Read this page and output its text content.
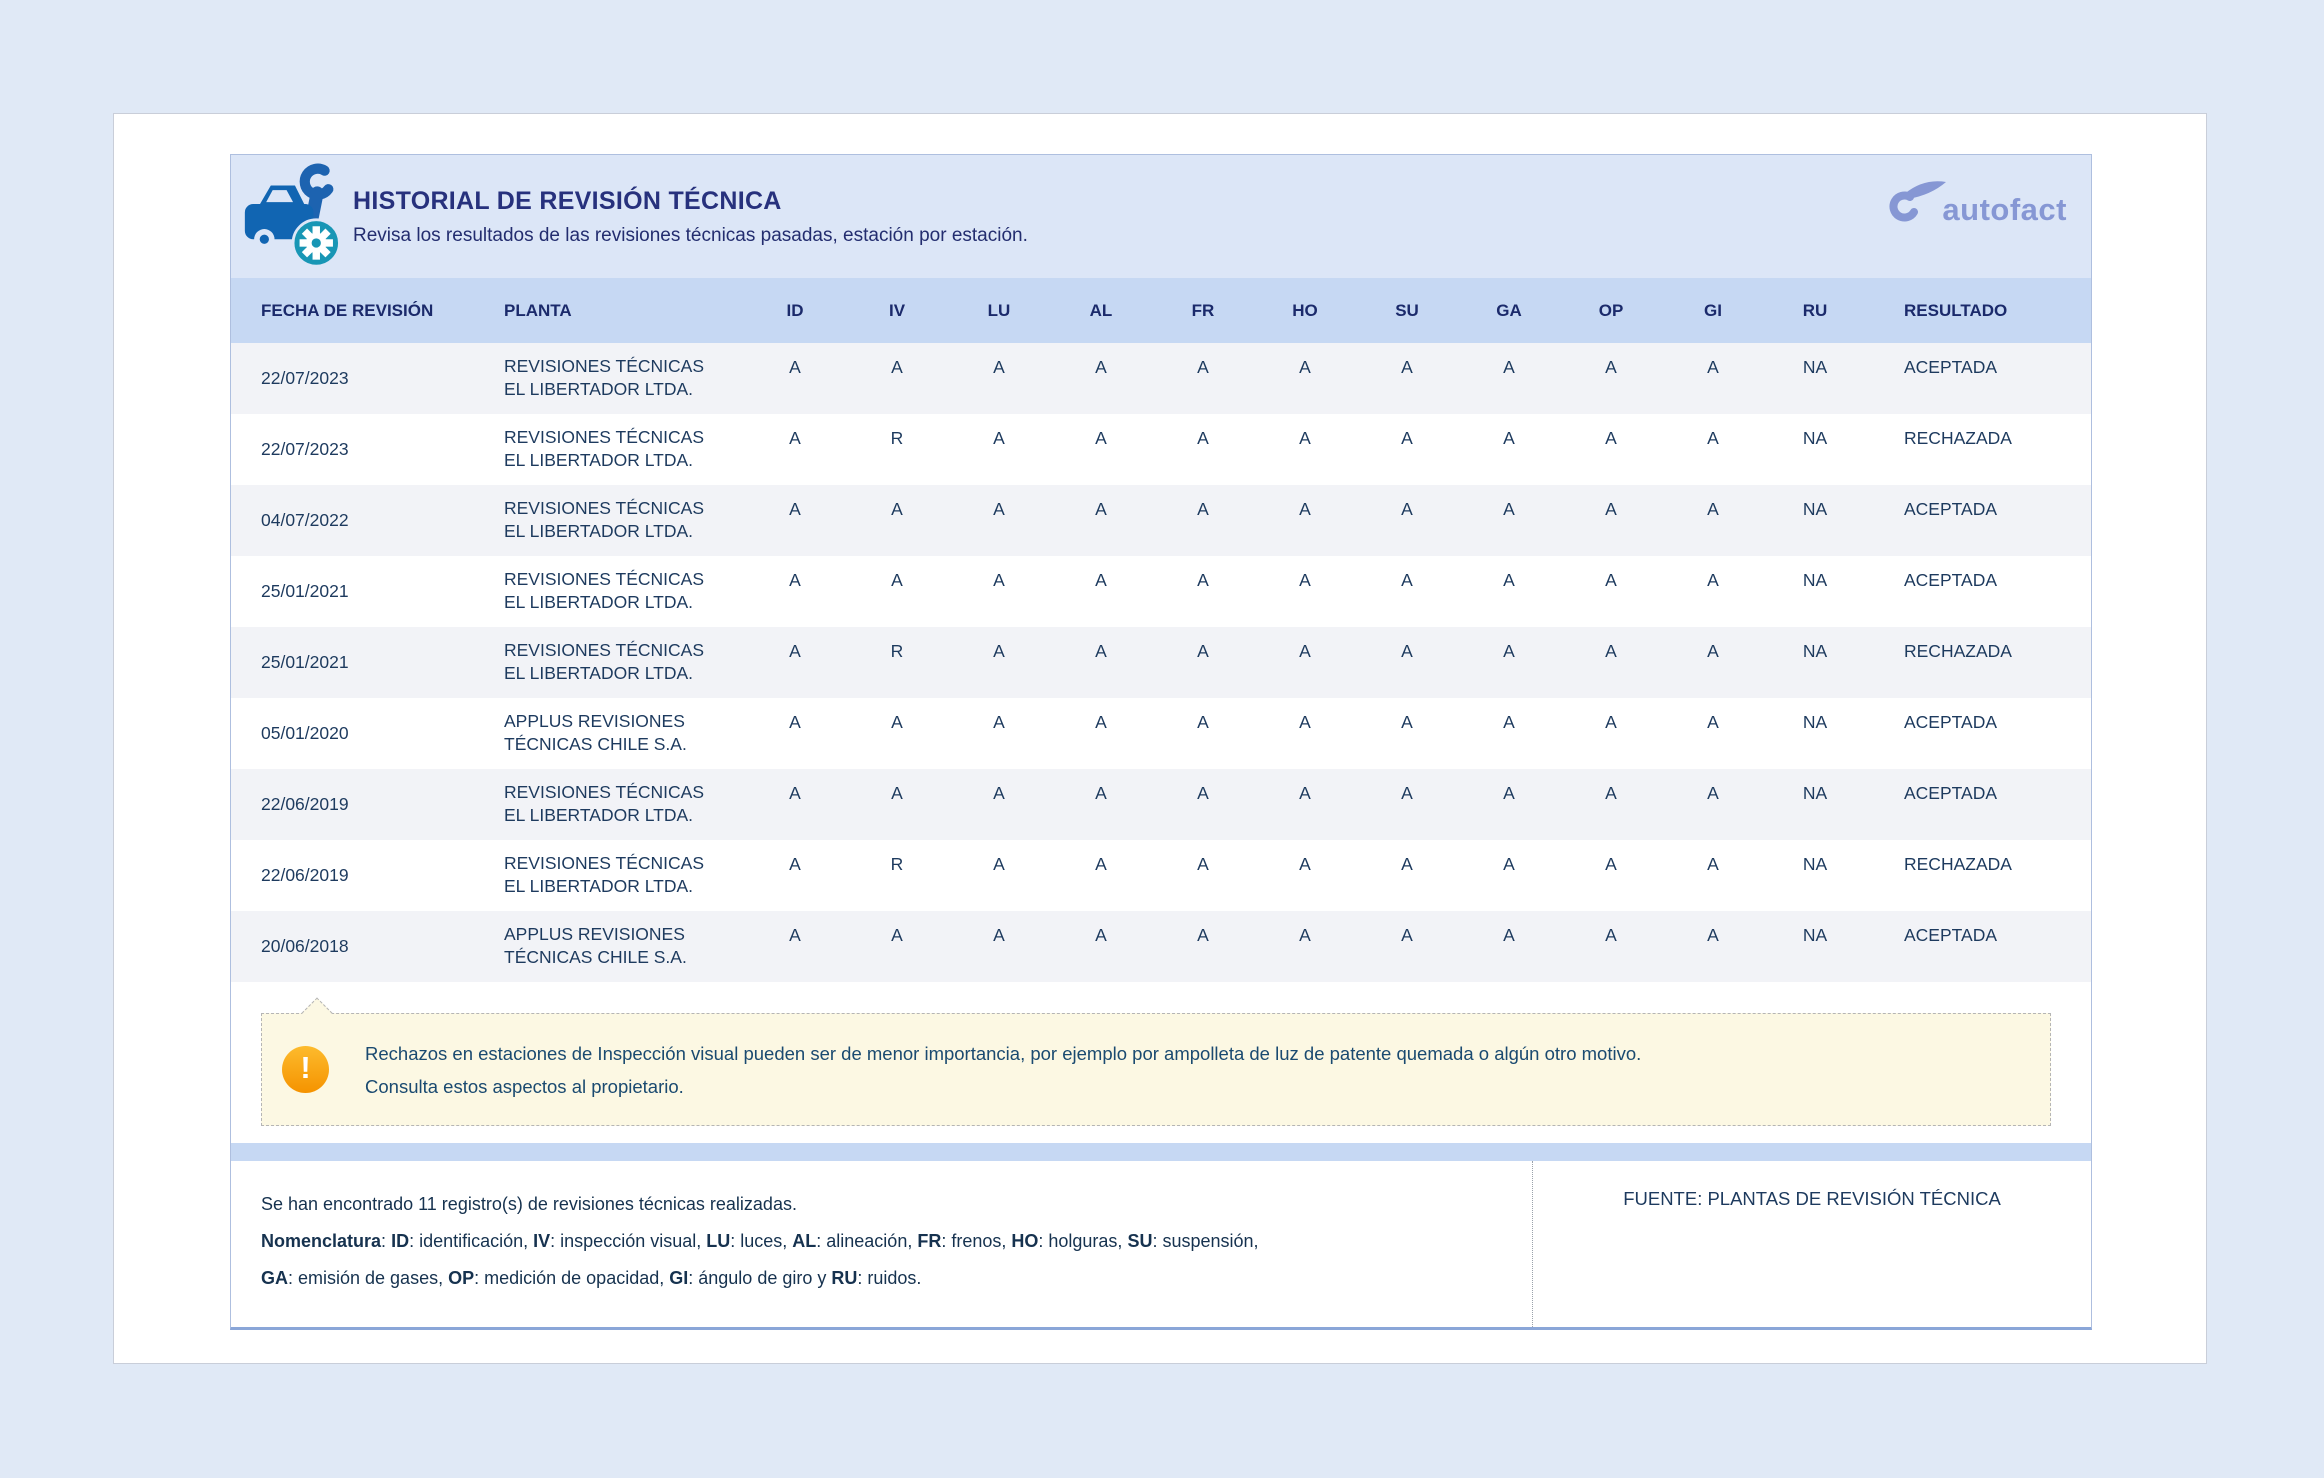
HISTORIAL DE REVISIÓN TÉCNICA

Revisa los resultados de las revisiones técnicas pasadas, estación por estación.

autofact
FECHA DE REVISIÓN	PLANTA	ID	IV	LU	AL	FR	HO	SU	GA	OP	GI	RU	RESULTADO
22/07/2023	REVISIONES TÉCNICAS
EL LIBERTADOR LTDA.	A	A	A	A	A	A	A	A	A	A	NA	ACEPTADA
22/07/2023	REVISIONES TÉCNICAS
EL LIBERTADOR LTDA.	A	R	A	A	A	A	A	A	A	A	NA	RECHAZADA
04/07/2022	REVISIONES TÉCNICAS
EL LIBERTADOR LTDA.	A	A	A	A	A	A	A	A	A	A	NA	ACEPTADA
25/01/2021	REVISIONES TÉCNICAS
EL LIBERTADOR LTDA.	A	A	A	A	A	A	A	A	A	A	NA	ACEPTADA
25/01/2021	REVISIONES TÉCNICAS
EL LIBERTADOR LTDA.	A	R	A	A	A	A	A	A	A	A	NA	RECHAZADA
05/01/2020	APPLUS REVISIONES
TÉCNICAS CHILE S.A.	A	A	A	A	A	A	A	A	A	A	NA	ACEPTADA
22/06/2019	REVISIONES TÉCNICAS
EL LIBERTADOR LTDA.	A	A	A	A	A	A	A	A	A	A	NA	ACEPTADA
22/06/2019	REVISIONES TÉCNICAS
EL LIBERTADOR LTDA.	A	R	A	A	A	A	A	A	A	A	NA	RECHAZADA
20/06/2018	APPLUS REVISIONES
TÉCNICAS CHILE S.A.	A	A	A	A	A	A	A	A	A	A	NA	ACEPTADA
!	Rechazos en estaciones de Inspección visual pueden ser de menor importancia, por ejemplo por ampolleta de luz de patente quemada o algún otro motivo.
Consulta estos aspectos al propietario.
Se han encontrado 11 registro(s) de revisiones técnicas realizadas.
Nomenclatura: ID: identificación, IV: inspección visual, LU: luces, AL: alineación, FR: frenos, HO: holguras, SU: suspensión,
GA: emisión de gases, OP: medición de opacidad, GI: ángulo de giro y RU: ruidos.
FUENTE: PLANTAS DE REVISIÓN TÉCNICA
